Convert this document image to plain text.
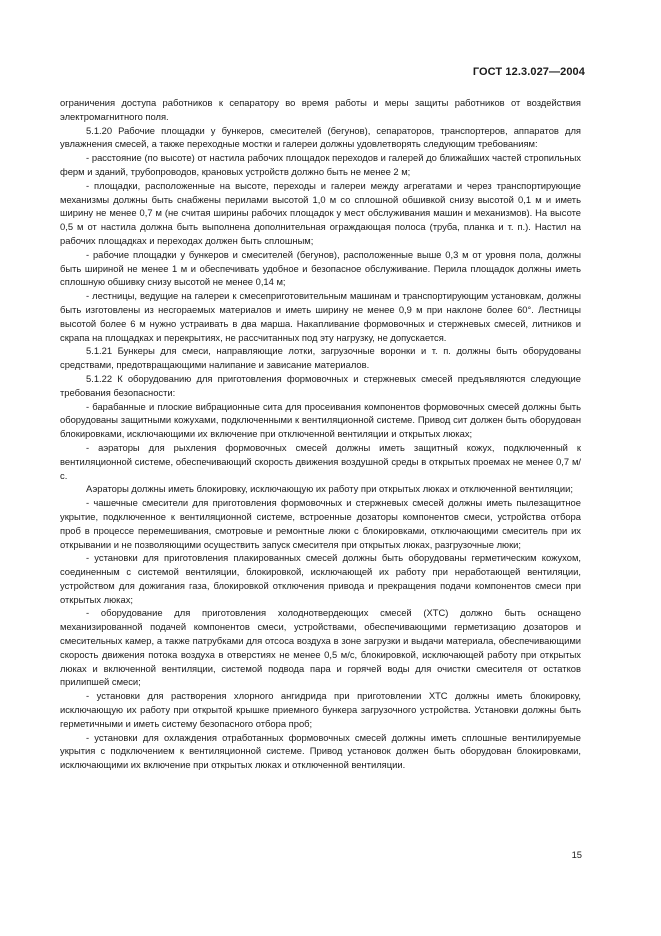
ГОСТ 12.3.027—2004

ограничения доступа работников к сепаратору во время работы и меры защиты работников от воздействия электромагнитного поля.

5.1.20 Рабочие площадки у бункеров, смесителей (бегунов), сепараторов, транспортеров, аппаратов для увлажнения смесей, а также переходные мостки и галереи должны удовлетворять следующим требованиям:

- расстояние (по высоте) от настила рабочих площадок переходов и галерей до ближайших частей стропильных ферм и зданий, трубопроводов, крановых устройств должно быть не менее 2 м;

- площадки, расположенные на высоте, переходы и галереи между агрегатами и через транспортирующие механизмы должны быть снабжены перилами высотой 1,0 м со сплошной обшивкой снизу высотой 0,1 м и иметь ширину не менее 0,7 м (не считая ширины рабочих площадок у мест обслуживания машин и механизмов). На высоте 0,5 м от настила должна быть выполнена дополнительная ограждающая полоса (труба, планка и т. п.). Настил на рабочих площадках и переходах должен быть сплошным;

- рабочие площадки у бункеров и смесителей (бегунов), расположенные выше 0,3 м от уровня пола, должны быть шириной не менее 1 м и обеспечивать удобное и безопасное обслуживание. Перила площадок должны иметь сплошную обшивку снизу высотой не менее 0,14 м;

- лестницы, ведущие на галереи к смесеприготовительным машинам и транспортирующим установкам, должны быть изготовлены из несгораемых материалов и иметь ширину не менее 0,9 м при наклоне более 60°. Лестницы высотой более 6 м нужно устраивать в два марша. Накапливание формовочных и стержневых смесей, литников и скрапа на площадках и перекрытиях, не рассчитанных под эту нагрузку, не допускается.

5.1.21 Бункеры для смеси, направляющие лотки, загрузочные воронки и т. п. должны быть оборудованы средствами, предотвращающими налипание и зависание материалов.

5.1.22 К оборудованию для приготовления формовочных и стержневых смесей предъявляются следующие требования безопасности:

- барабанные и плоские вибрационные сита для просеивания компонентов формовочных смесей должны быть оборудованы защитными кожухами, подключенными к вентиляционной системе. Привод сит должен быть оборудован блокировками, исключающими их включение при отключенной вентиляции и открытых люках;

- аэраторы для рыхления формовочных смесей должны иметь защитный кожух, подключенный к вентиляционной системе, обеспечивающий скорость движения воздушной среды в открытых проемах не менее 0,7 м/с.

Аэраторы должны иметь блокировку, исключающую их работу при открытых люках и отключенной вентиляции;

- чашечные смесители для приготовления формовочных и стержневых смесей должны иметь пылезащитное укрытие, подключенное к вентиляционной системе, встроенные дозаторы компонентов смеси, устройства отбора проб в процессе перемешивания, смотровые и ремонтные люки с блокировками, отключающими смеситель при их открывании и не позволяющими осуществить запуск смесителя при открытых люках, разгрузочные люки;

- установки для приготовления плакированных смесей должны быть оборудованы герметическим кожухом, соединенным с системой вентиляции, блокировкой, исключающей их работу при неработающей вентиляции, устройством для дожигания газа, блокировкой отключения привода и прекращения подачи компонентов смеси при открытых люках;

- оборудование для приготовления холоднотвердеющих смесей (ХТС) должно быть оснащено механизированной подачей компонентов смеси, устройствами, обеспечивающими герметизацию дозаторов и смесительных камер, а также патрубками для отсоса воздуха в зоне загрузки и выдачи материала, обеспечивающими скорость движения потока воздуха в отверстиях не менее 0,5 м/с, блокировкой, исключающей работу при открытых люках и включенной вентиляции, системой подвода пара и горячей воды для очистки смесителя от остатков прилипшей смеси;

- установки для растворения хлорного ангидрида при приготовлении ХТС должны иметь блокировку, исключающую их работу при открытой крышке приемного бункера загрузочного устройства. Установки должны быть герметичными и иметь систему безопасного отбора проб;

- установки для охлаждения отработанных формовочных смесей должны иметь сплошные вентилируемые укрытия с подключением к вентиляционной системе. Привод установок должен быть оборудован блокировками, исключающими их включение при открытых люках и отключенной вентиляции.

15
